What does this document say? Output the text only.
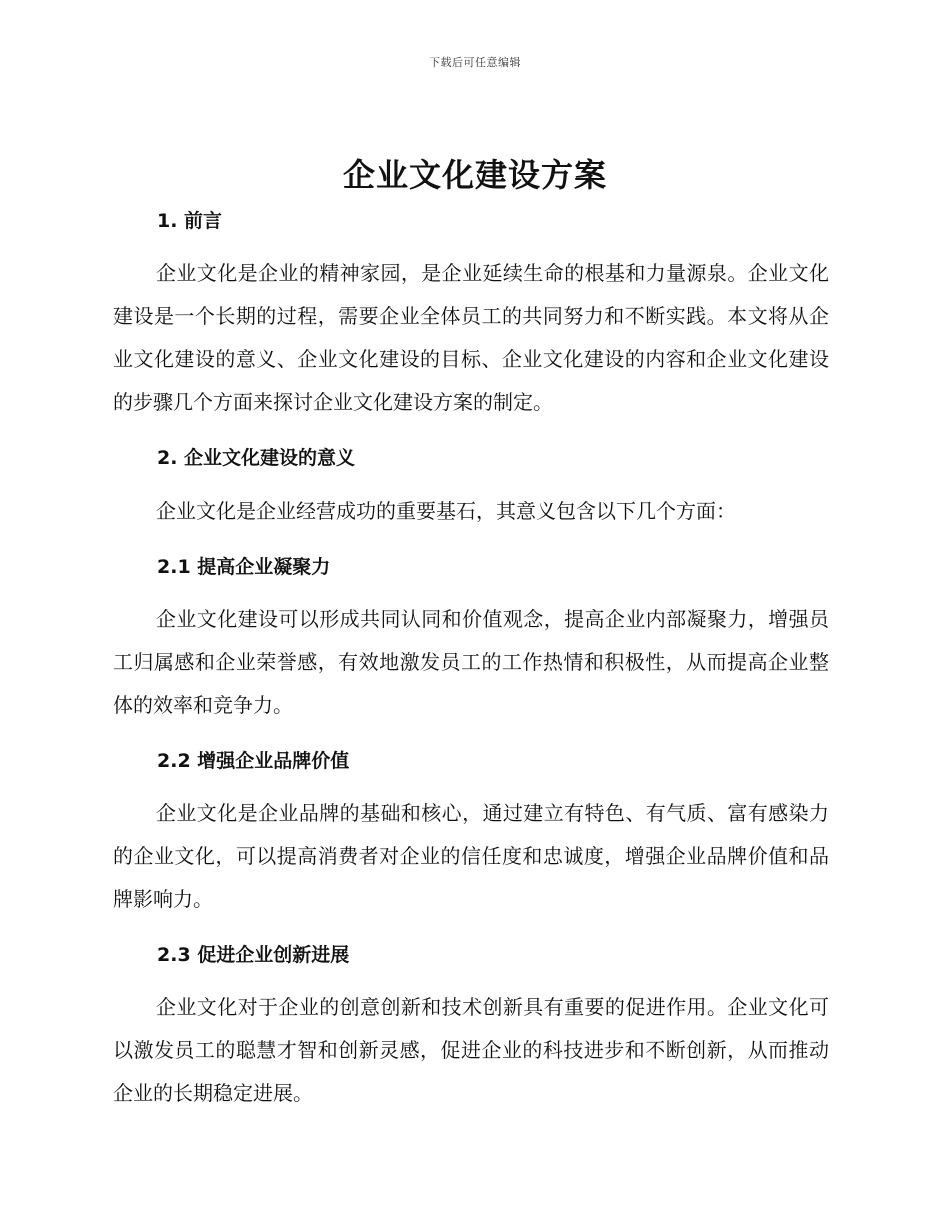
下载后可任意编辑
企业文化建设方案
1. 前言
企业文化是企业的精神家园，是企业延续生命的根基和力量源泉。企业文化建设是一个长期的过程，需要企业全体员工的共同努力和不断实践。本文将从企业文化建设的意义、企业文化建设的目标、企业文化建设的内容和企业文化建设的步骤几个方面来探讨企业文化建设方案的制定。
2. 企业文化建设的意义
企业文化是企业经营成功的重要基石，其意义包含以下几个方面：
2.1 提高企业凝聚力
企业文化建设可以形成共同认同和价值观念，提高企业内部凝聚力，增强员工归属感和企业荣誉感，有效地激发员工的工作热情和积极性，从而提高企业整体的效率和竞争力。
2.2 增强企业品牌价值
企业文化是企业品牌的基础和核心，通过建立有特色、有气质、富有感染力的企业文化，可以提高消费者对企业的信任度和忠诚度，增强企业品牌价值和品牌影响力。
2.3 促进企业创新进展
企业文化对于企业的创意创新和技术创新具有重要的促进作用。企业文化可以激发员工的聪慧才智和创新灵感，促进企业的科技进步和不断创新，从而推动企业的长期稳定进展。
